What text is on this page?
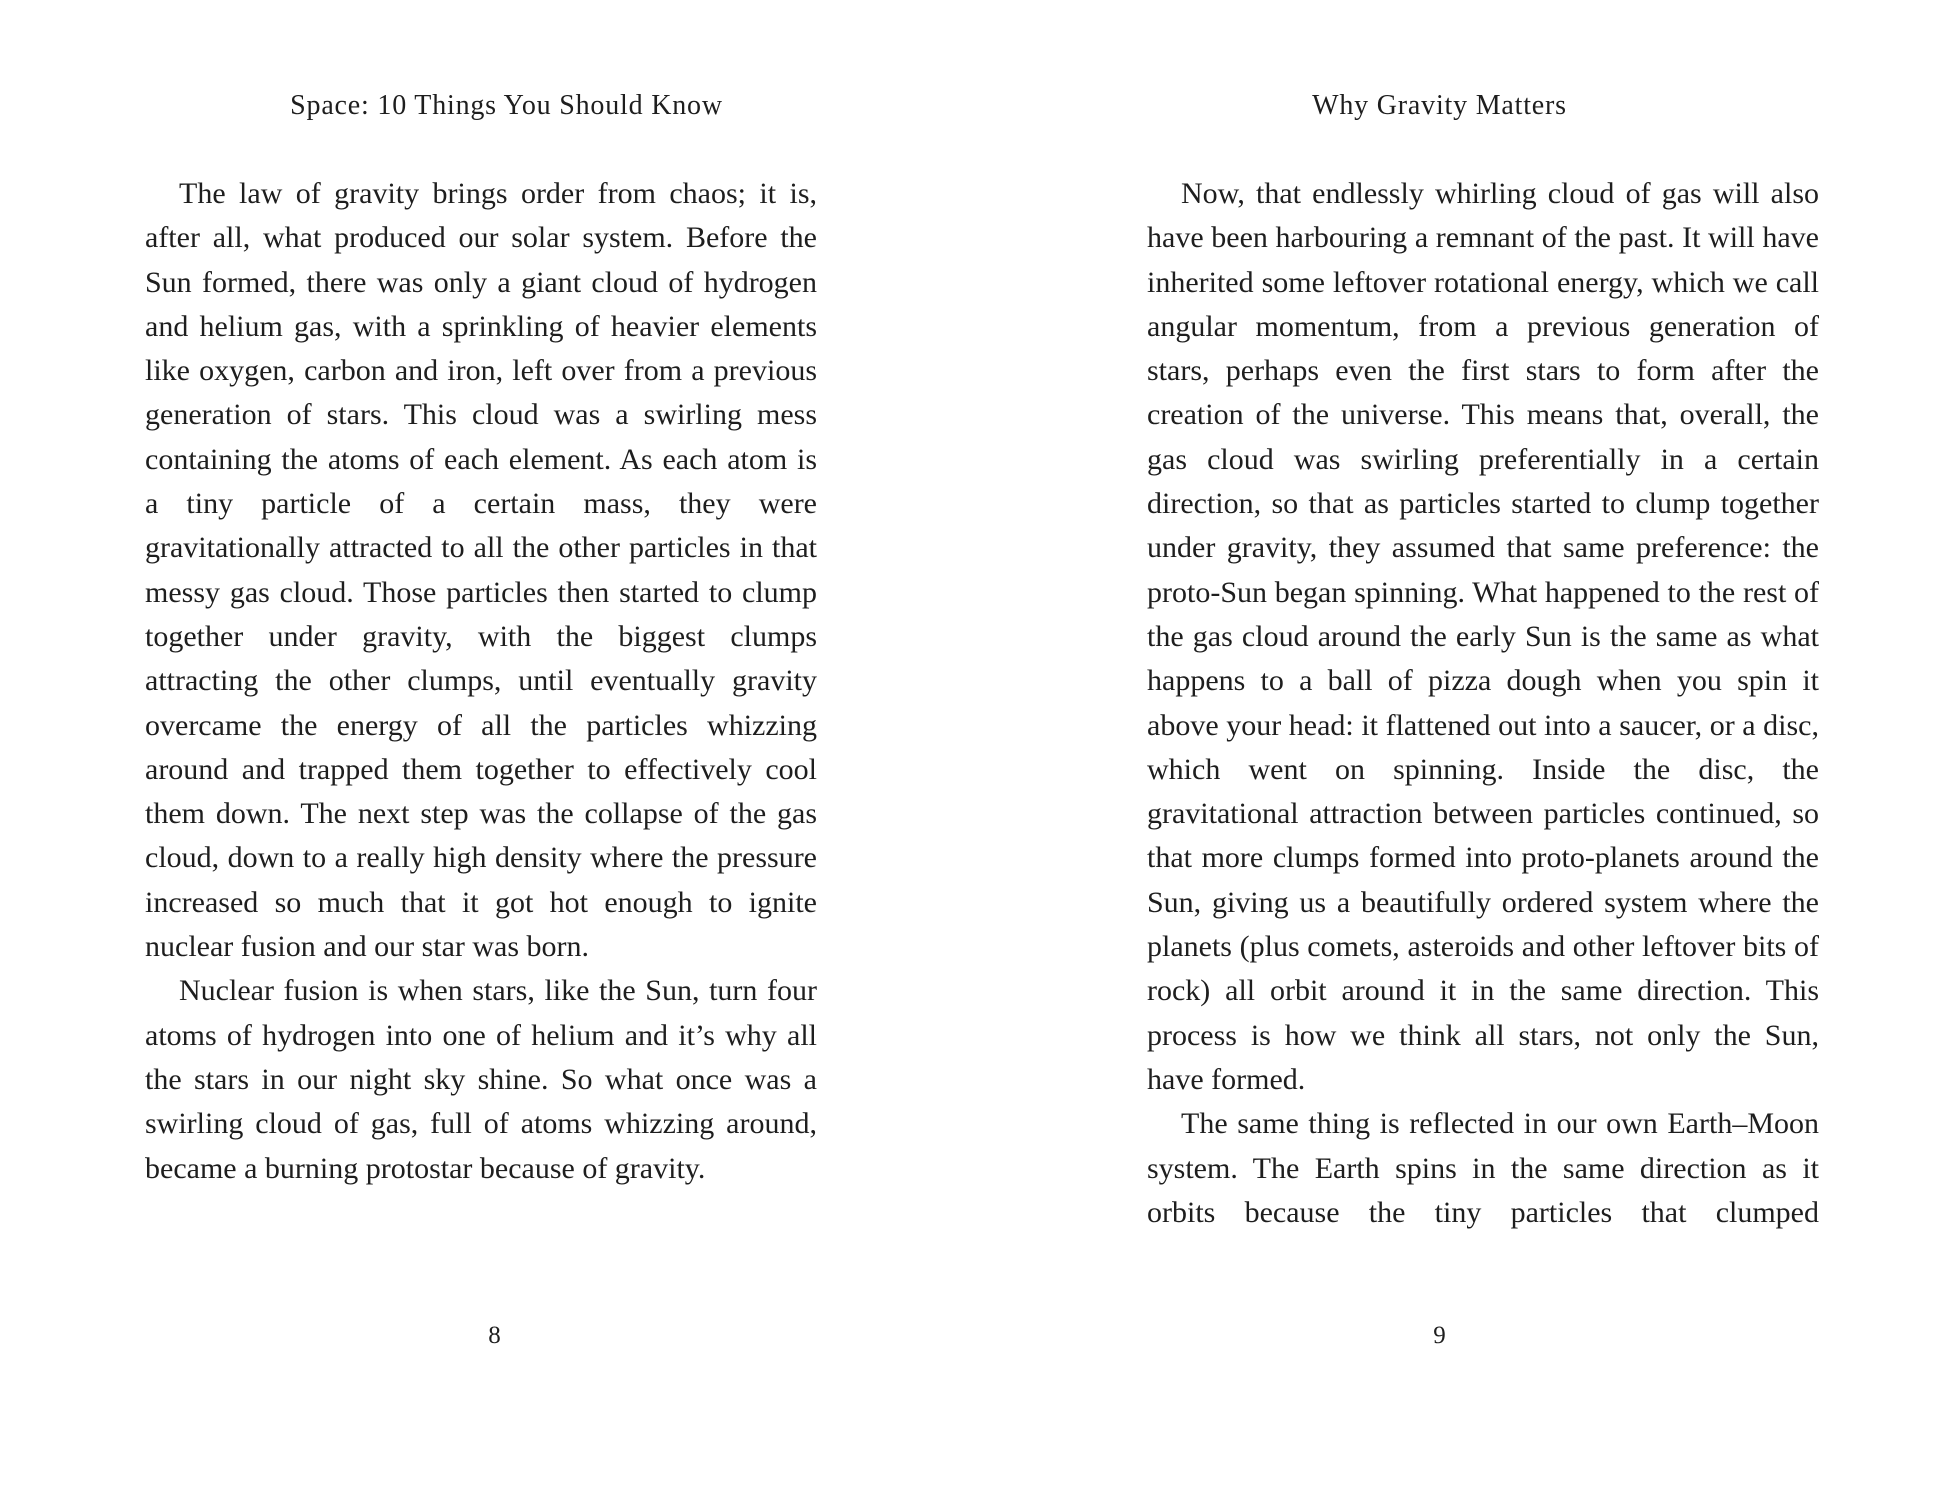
Space: 10 Things You Should Know

The law of gravity brings order from chaos; it is, after all, what produced our solar system. Before the Sun formed, there was only a giant cloud of hydrogen and helium gas, with a sprinkling of heavier elements like oxygen, carbon and iron, left over from a previous generation of stars. This cloud was a swirling mess containing the atoms of each element. As each atom is a tiny particle of a certain mass, they were gravitationally attracted to all the other particles in that messy gas cloud. Those particles then started to clump together under gravity, with the biggest clumps attracting the other clumps, until eventually gravity overcame the energy of all the particles whizzing around and trapped them together to effectively cool them down. The next step was the collapse of the gas cloud, down to a really high density where the pressure increased so much that it got hot enough to ignite nuclear fusion and our star was born.

Nuclear fusion is when stars, like the Sun, turn four atoms of hydrogen into one of helium and it’s why all the stars in our night sky shine. So what once was a swirling cloud of gas, full of atoms whizzing around, became a burning protostar because of gravity.

8
Why Gravity Matters

Now, that endlessly whirling cloud of gas will also have been harbouring a remnant of the past. It will have inherited some leftover rotational energy, which we call angular momentum, from a previous generation of stars, perhaps even the first stars to form after the creation of the universe. This means that, overall, the gas cloud was swirling preferentially in a certain direction, so that as particles started to clump together under gravity, they assumed that same preference: the proto-Sun began spinning. What happened to the rest of the gas cloud around the early Sun is the same as what happens to a ball of pizza dough when you spin it above your head: it flattened out into a saucer, or a disc, which went on spinning. Inside the disc, the gravitational attraction between particles continued, so that more clumps formed into proto-planets around the Sun, giving us a beautifully ordered system where the planets (plus comets, asteroids and other leftover bits of rock) all orbit around it in the same direction. This process is how we think all stars, not only the Sun, have formed.

The same thing is reflected in our own Earth–Moon system. The Earth spins in the same direction as it orbits because the tiny particles that clumped

9
